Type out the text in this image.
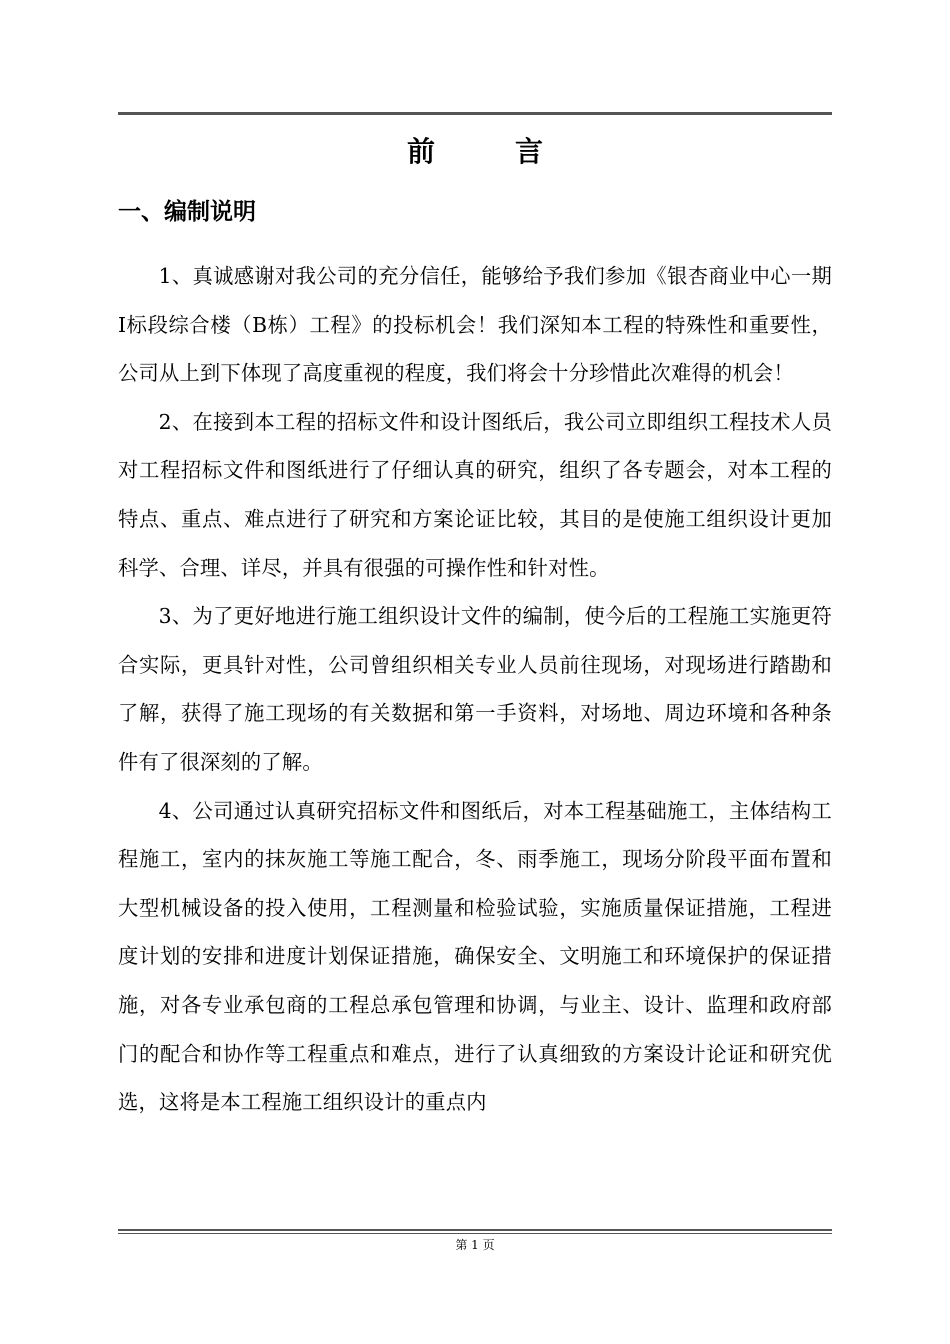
前　言
一、编制说明

1、真诚感谢对我公司的充分信任，能够给予我们参加《银杏商业中心一期Ⅰ标段综合楼（B栋）工程》的投标机会！我们深知本工程的特殊性和重要性，公司从上到下体现了高度重视的程度，我们将会十分珍惜此次难得的机会！

2、在接到本工程的招标文件和设计图纸后，我公司立即组织工程技术人员对工程招标文件和图纸进行了仔细认真的研究，组织了各专题会，对本工程的特点、重点、难点进行了研究和方案论证比较，其目的是使施工组织设计更加科学、合理、详尽，并具有很强的可操作性和针对性。

3、为了更好地进行施工组织设计文件的编制，使今后的工程施工实施更符合实际，更具针对性，公司曾组织相关专业人员前往现场，对现场进行踏勘和了解，获得了施工现场的有关数据和第一手资料，对场地、周边环境和各种条件有了很深刻的了解。

4、公司通过认真研究招标文件和图纸后，对本工程基础施工，主体结构工程施工，室内的抹灰施工等施工配合，冬、雨季施工，现场分阶段平面布置和大型机械设备的投入使用，工程测量和检验试验，实施质量保证措施，工程进度计划的安排和进度计划保证措施，确保安全、文明施工和环境保护的保证措施，对各专业承包商的工程总承包管理和协调，与业主、设计、监理和政府部门的配合和协作等工程重点和难点，进行了认真细致的方案设计论证和研究优选，这将是本工程施工组织设计的重点内

第 1 页
